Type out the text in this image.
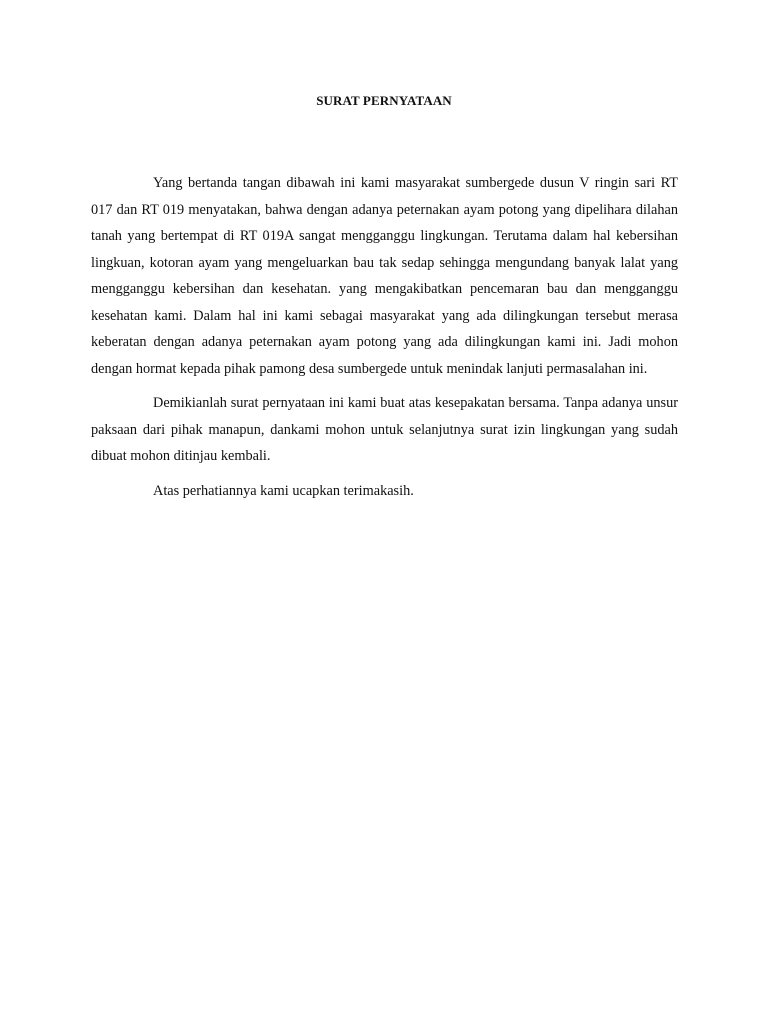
SURAT PERNYATAAN

Yang bertanda tangan dibawah ini kami masyarakat sumbergede dusun V ringin sari RT 017 dan RT 019 menyatakan, bahwa dengan adanya peternakan ayam potong yang dipelihara dilahan tanah yang bertempat di RT 019A sangat mengganggu lingkungan. Terutama dalam hal kebersihan lingkuan, kotoran ayam yang mengeluarkan bau tak sedap sehingga mengundang banyak lalat yang mengganggu kebersihan dan kesehatan. yang mengakibatkan pencemaran bau dan mengganggu kesehatan kami. Dalam hal ini kami sebagai masyarakat yang ada dilingkungan tersebut merasa keberatan dengan adanya peternakan ayam potong yang ada dilingkungan kami ini. Jadi mohon dengan hormat kepada pihak pamong desa sumbergede untuk menindak lanjuti permasalahan ini.

Demikianlah surat pernyataan ini kami buat atas kesepakatan bersama. Tanpa adanya unsur paksaan dari pihak manapun, dankami mohon untuk selanjutnya surat izin lingkungan yang sudah dibuat mohon ditinjau kembali.

Atas perhatiannya kami ucapkan terimakasih.
